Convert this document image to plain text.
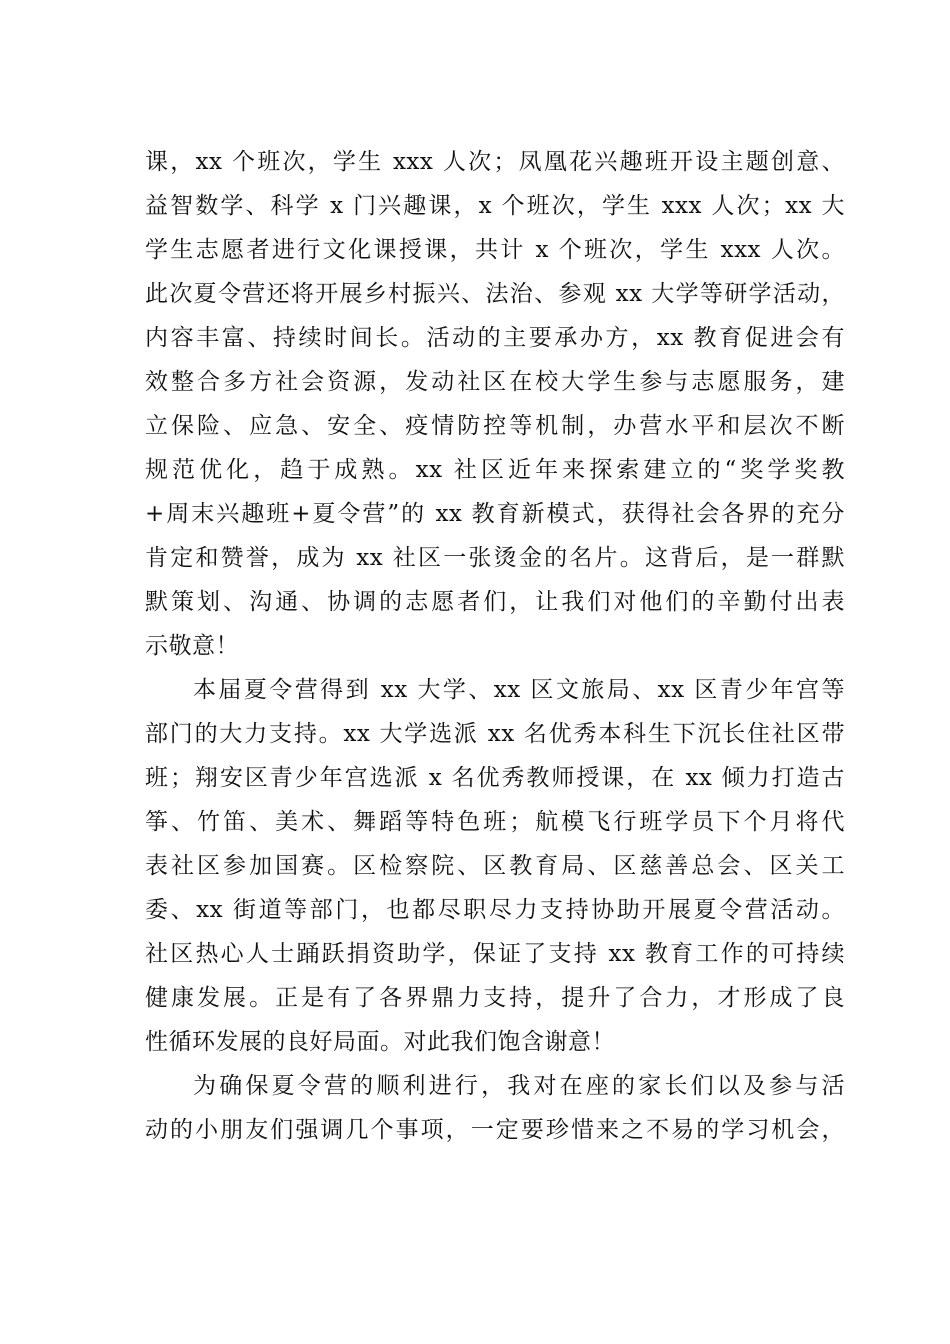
课，xx 个班次，学生 xxx 人次；凤凰花兴趣班开设主题创意、
益智数学、科学 x 门兴趣课，x 个班次，学生 xxx 人次；xx 大
学生志愿者进行文化课授课，共计 x 个班次，学生 xxx 人次。
此次夏令营还将开展乡村振兴、法治、参观 xx 大学等研学活动，
内容丰富、持续时间长。活动的主要承办方，xx 教育促进会有
效整合多方社会资源，发动社区在校大学生参与志愿服务，建
立保险、应急、安全、疫情防控等机制，办营水平和层次不断
规范优化，趋于成熟。xx 社区近年来探索建立的“奖学奖教
+周末兴趣班+夏令营”的 xx 教育新模式，获得社会各界的充分
肯定和赞誉，成为 xx 社区一张烫金的名片。这背后，是一群默
默策划、沟通、协调的志愿者们，让我们对他们的辛勤付出表
示敬意！
本届夏令营得到 xx 大学、xx 区文旅局、xx 区青少年宫等
部门的大力支持。xx 大学选派 xx 名优秀本科生下沉长住社区带
班；翔安区青少年宫选派 x 名优秀教师授课，在 xx 倾力打造古
筝、竹笛、美术、舞蹈等特色班；航模飞行班学员下个月将代
表社区参加国赛。区检察院、区教育局、区慈善总会、区关工
委、xx 街道等部门，也都尽职尽力支持协助开展夏令营活动。
社区热心人士踊跃捐资助学，保证了支持 xx 教育工作的可持续
健康发展。正是有了各界鼎力支持，提升了合力，才形成了良
性循环发展的良好局面。对此我们饱含谢意！
为确保夏令营的顺利进行，我对在座的家长们以及参与活
动的小朋友们强调几个事项，一定要珍惜来之不易的学习机会，
